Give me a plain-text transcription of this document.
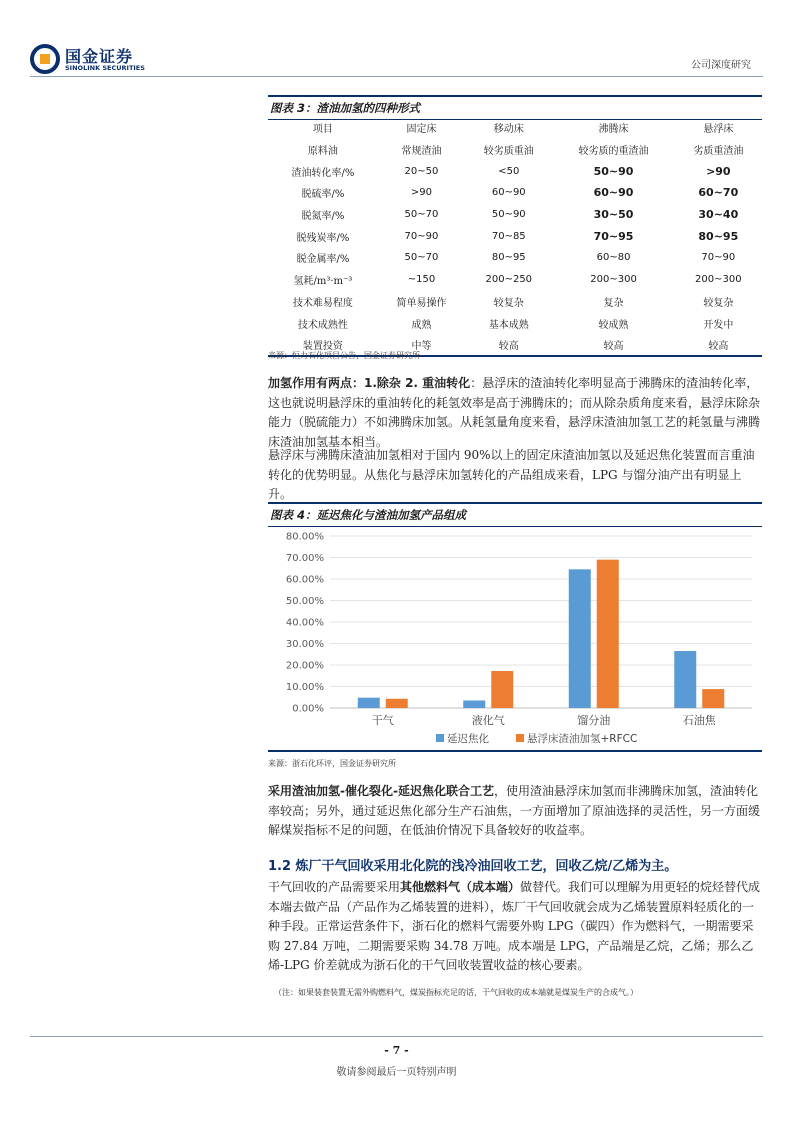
国金证券
SINOLINK SECURITIES	公司深度研究
图表 3：渣油加氢的四种形式
项目	固定床	移动床	沸腾床	悬浮床
原料油	常规渣油	较劣质重油	较劣质的重渣油	劣质重渣油
渣油转化率/%	20~50	<50	50~90	>90
脱硫率/%	>90	60~90	60~90	60~70
脱氮率/%	50~70	50~90	30~50	30~40
脱残炭率/%	70~90	70~85	70~95	80~95
脱金属率/%	50~70	80~95	60~80	70~90
氢耗/m³·m⁻³	~150	200~250	200~300	200~300
技术难易程度	简单易操作	较复杂	复杂	较复杂
技术成熟性	成熟	基本成熟	较成熟	开发中
装置投资	中等	较高	较高	较高
来源：恒力石化项目公告，国金证券研究所
加氢作用有两点：1.除杂 2. 重油转化：悬浮床的渣油转化率明显高于沸腾床的渣油转化率，这也就说明悬浮床的重油转化的耗氢效率是高于沸腾床的；而从除杂质角度来看，悬浮床除杂能力（脱硫能力）不如沸腾床加氢。从耗氢量角度来看，悬浮床渣油加氢工艺的耗氢量与沸腾床渣油加氢基本相当。
悬浮床与沸腾床渣油加氢相对于国内 90%以上的固定床渣油加氢以及延迟焦化装置而言重油转化的优势明显。从焦化与悬浮床加氢转化的产品组成来看，LPG 与馏分油产出有明显上升。
图表 4：延迟焦化与渣油加氢产品组成
0.00%
10.00%
20.00%
30.00%
40.00%
50.00%
60.00%
70.00%
80.00%
干气	液化气	馏分油	石油焦
延迟焦化	悬浮床渣油加氢+RFCC
来源：浙石化环评，国金证券研究所
采用渣油加氢-催化裂化-延迟焦化联合工艺，使用渣油悬浮床加氢而非沸腾床加氢，渣油转化率较高；另外，通过延迟焦化部分生产石油焦，一方面增加了原油选择的灵活性，另一方面缓解煤炭指标不足的问题，在低油价情况下具备较好的收益率。
1.2 炼厂干气回收采用北化院的浅冷油回收工艺，回收乙烷/乙烯为主。
干气回收的产品需要采用其他燃料气（成本端）做替代。我们可以理解为用更轻的烷烃替代成本端去做产品（产品作为乙烯装置的进料），炼厂干气回收就会成为乙烯装置原料轻质化的一种手段。正常运营条件下，浙石化的燃料气需要外购 LPG（碳四）作为燃料气，一期需要采购 27.84 万吨，二期需要采购 34.78 万吨。成本端是 LPG，产品端是乙烷，乙烯；那么乙烯-LPG 价差就成为浙石化的干气回收装置收益的核心要素。
（注：如果装套装置无需外购燃料气，煤炭指标充足的话，干气回收的成本端就是煤炭生产的合成气。）
- 7 -
敬请参阅最后一页特别声明
